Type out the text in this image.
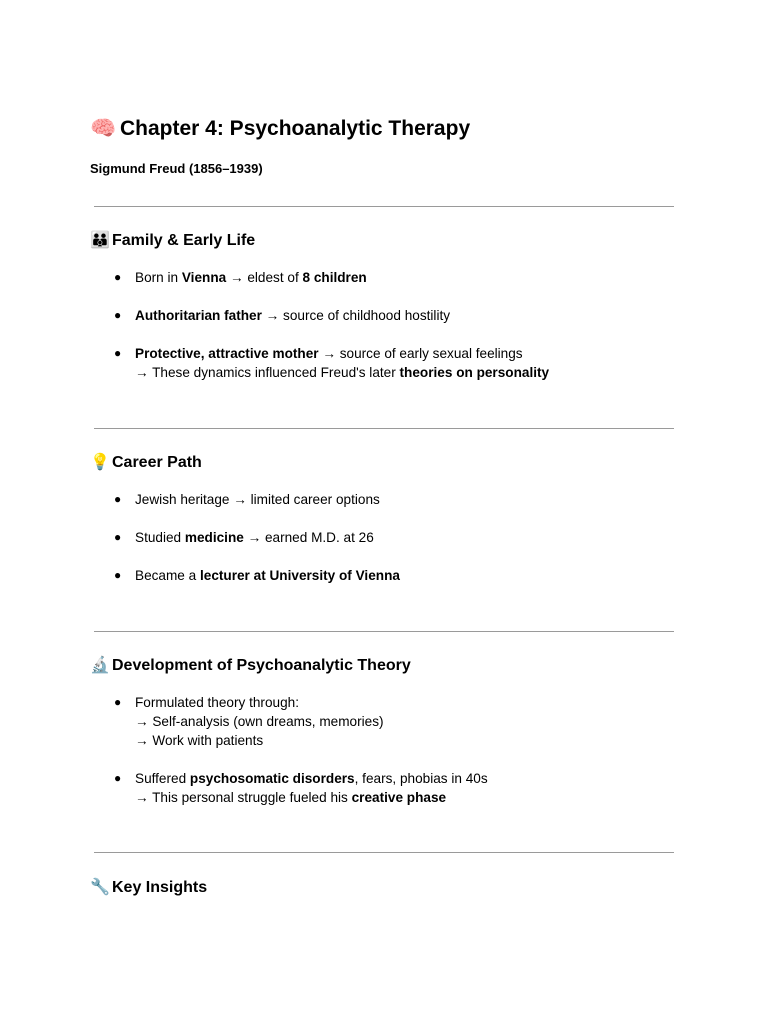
🧠 Chapter 4: Psychoanalytic Therapy
Sigmund Freud (1856–1939)
👪 Family & Early Life
● Born in Vienna → eldest of 8 children
● Authoritarian father → source of childhood hostility
● Protective, attractive mother → source of early sexual feelings
→ These dynamics influenced Freud's later theories on personality
💡 Career Path
● Jewish heritage → limited career options
● Studied medicine → earned M.D. at 26
● Became a lecturer at University of Vienna
🔬 Development of Psychoanalytic Theory
● Formulated theory through:
→ Self-analysis (own dreams, memories)
→ Work with patients
● Suffered psychosomatic disorders, fears, phobias in 40s
→ This personal struggle fueled his creative phase
🔧 Key Insights
